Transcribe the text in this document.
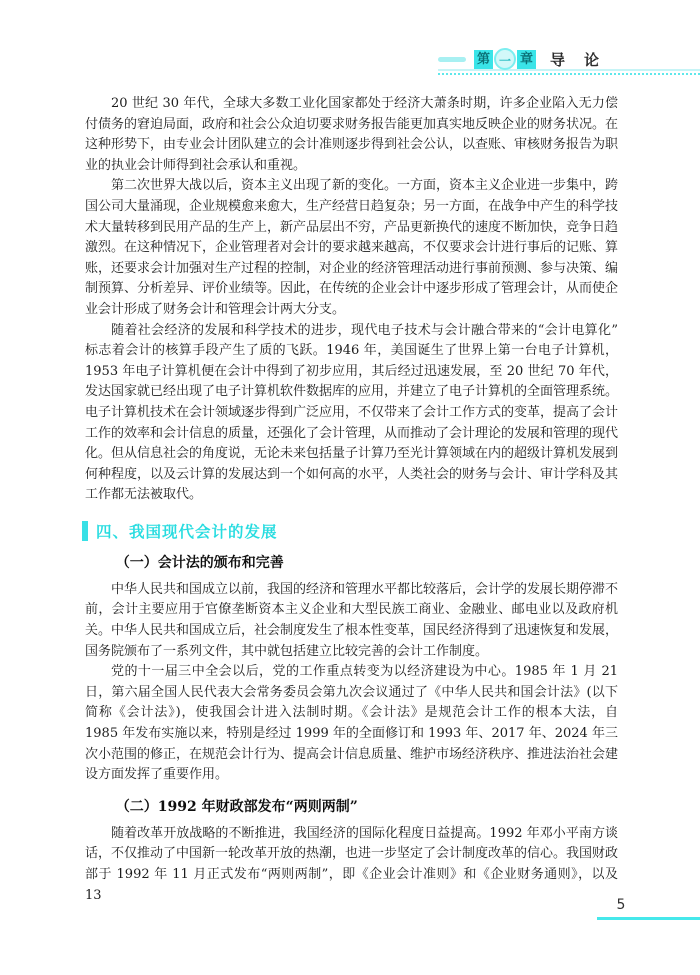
第 一 章 导　论

20 世纪 30 年代，全球大多数工业化国家都处于经济大萧条时期，许多企业陷入无力偿付债务的窘迫局面，政府和社会公众迫切要求财务报告能更加真实地反映企业的财务状况。在这种形势下，由专业会计团队建立的会计准则逐步得到社会公认，以查账、审核财务报告为职业的执业会计师得到社会承认和重视。

第二次世界大战以后，资本主义出现了新的变化。一方面，资本主义企业进一步集中，跨国公司大量涌现，企业规模愈来愈大，生产经营日趋复杂；另一方面，在战争中产生的科学技术大量转移到民用产品的生产上，新产品层出不穷，产品更新换代的速度不断加快，竞争日趋激烈。在这种情况下，企业管理者对会计的要求越来越高，不仅要求会计进行事后的记账、算账，还要求会计加强对生产过程的控制，对企业的经济管理活动进行事前预测、参与决策、编制预算、分析差异、评价业绩等。因此，在传统的企业会计中逐步形成了管理会计，从而使企业会计形成了财务会计和管理会计两大分支。

随着社会经济的发展和科学技术的进步，现代电子技术与会计融合带来的“会计电算化”标志着会计的核算手段产生了质的飞跃。1946 年，美国诞生了世界上第一台电子计算机，1953 年电子计算机便在会计中得到了初步应用，其后经过迅速发展，至 20 世纪 70 年代，发达国家就已经出现了电子计算机软件数据库的应用，并建立了电子计算机的全面管理系统。电子计算机技术在会计领域逐步得到广泛应用，不仅带来了会计工作方式的变革，提高了会计工作的效率和会计信息的质量，还强化了会计管理，从而推动了会计理论的发展和管理的现代化。但从信息社会的角度说，无论未来包括量子计算乃至光计算领域在内的超级计算机发展到何种程度，以及云计算的发展达到一个如何高的水平，人类社会的财务与会计、审计学科及其工作都无法被取代。

四、我国现代会计的发展

（一）会计法的颁布和完善

中华人民共和国成立以前，我国的经济和管理水平都比较落后，会计学的发展长期停滞不前，会计主要应用于官僚垄断资本主义企业和大型民族工商业、金融业、邮电业以及政府机关。中华人民共和国成立后，社会制度发生了根本性变革，国民经济得到了迅速恢复和发展，国务院颁布了一系列文件，其中就包括建立比较完善的会计工作制度。

党的十一届三中全会以后，党的工作重点转变为以经济建设为中心。1985 年 1 月 21 日，第六届全国人民代表大会常务委员会第九次会议通过了《中华人民共和国会计法》(以下简称《会计法》)，使我国会计进入法制时期。《会计法》是规范会计工作的根本大法，自 1985 年发布实施以来，特别是经过 1999 年的全面修订和 1993 年、2017 年、2024 年三次小范围的修正，在规范会计行为、提高会计信息质量、维护市场经济秩序、推进法治社会建设方面发挥了重要作用。

（二）1992 年财政部发布“两则两制”

随着改革开放战略的不断推进，我国经济的国际化程度日益提高。1992 年邓小平南方谈话，不仅推动了中国新一轮改革开放的热潮，也进一步坚定了会计制度改革的信心。我国财政部于 1992 年 11 月正式发布“两则两制”，即《企业会计准则》和《企业财务通则》，以及 13

5
